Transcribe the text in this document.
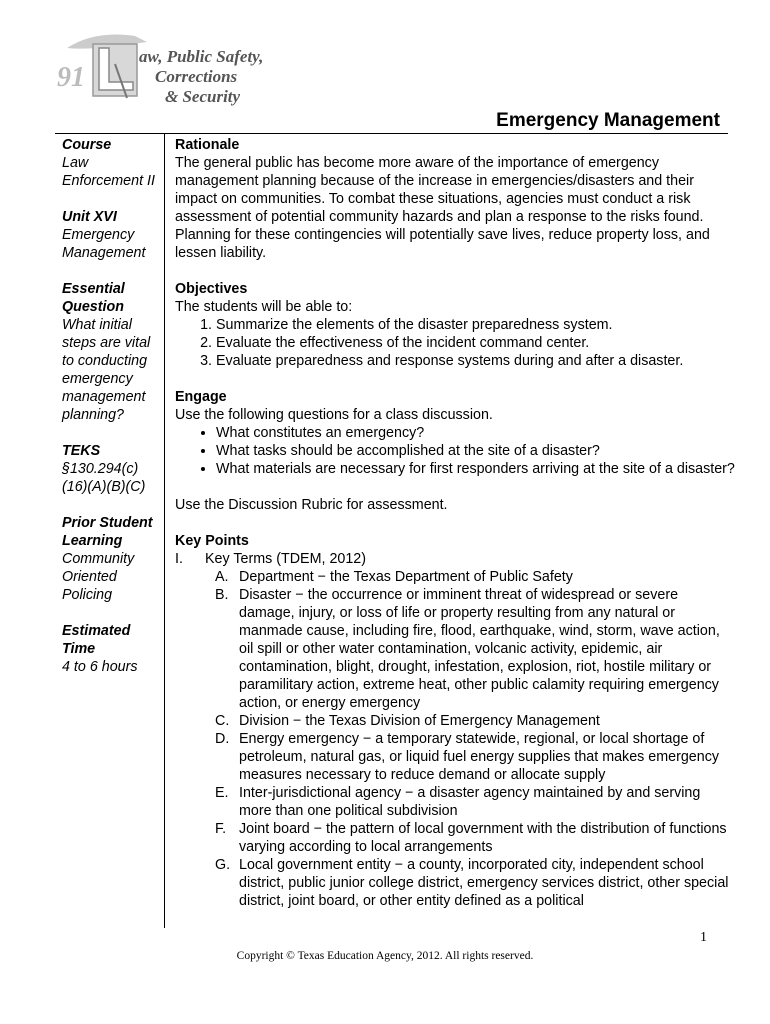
91
aw, Public Safety,
Corrections
& Security
Emergency Management
Course
Law Enforcement II
Unit XVI
Emergency Management
Essential Question
What initial steps are vital to conducting emergency management planning?
TEKS
§130.294(c) (16)(A)(B)(C)
Prior Student Learning
Community Oriented Policing
Estimated Time
4 to 6 hours
Rationale

The general public has become more aware of the importance of emergency management planning because of the increase in emergencies/disasters and their impact on communities. To combat these situations, agencies must conduct a risk assessment of potential community hazards and plan a response to the risks found. Planning for these contingencies will potentially save lives, reduce property loss, and lessen liability.

Objectives

The students will be able to:

1. Summarize the elements of the disaster preparedness system.
2. Evaluate the effectiveness of the incident command center.
3. Evaluate preparedness and response systems during and after a disaster.
Engage

Use the following questions for a class discussion.

• What constitutes an emergency?
• What tasks should be accomplished at the site of a disaster?
• What materials are necessary for first responders arriving at the site of a disaster?

Use the Discussion Rubric for assessment.

Key Points
I.	Key Terms (TDEM, 2012)
A. Department − the Texas Department of Public Safety
B. Disaster − the occurrence or imminent threat of widespread or severe damage, injury, or loss of life or property resulting from any natural or manmade cause, including fire, flood, earthquake, wind, storm, wave action, oil spill or other water contamination, volcanic activity, epidemic, air contamination, blight, drought, infestation, explosion, riot, hostile military or paramilitary action, extreme heat, other public calamity requiring emergency action, or energy emergency
C. Division − the Texas Division of Emergency Management
D. Energy emergency − a temporary statewide, regional, or local shortage of petroleum, natural gas, or liquid fuel energy supplies that makes emergency measures necessary to reduce demand or allocate supply
E. Inter-jurisdictional agency − a disaster agency maintained by and serving more than one political subdivision
F. Joint board − the pattern of local government with the distribution of functions varying according to local arrangements
G. Local government entity − a county, incorporated city, independent school district, public junior college district, emergency services district, other special district, joint board, or other entity defined as a political
1
Copyright © Texas Education Agency, 2012. All rights reserved.
